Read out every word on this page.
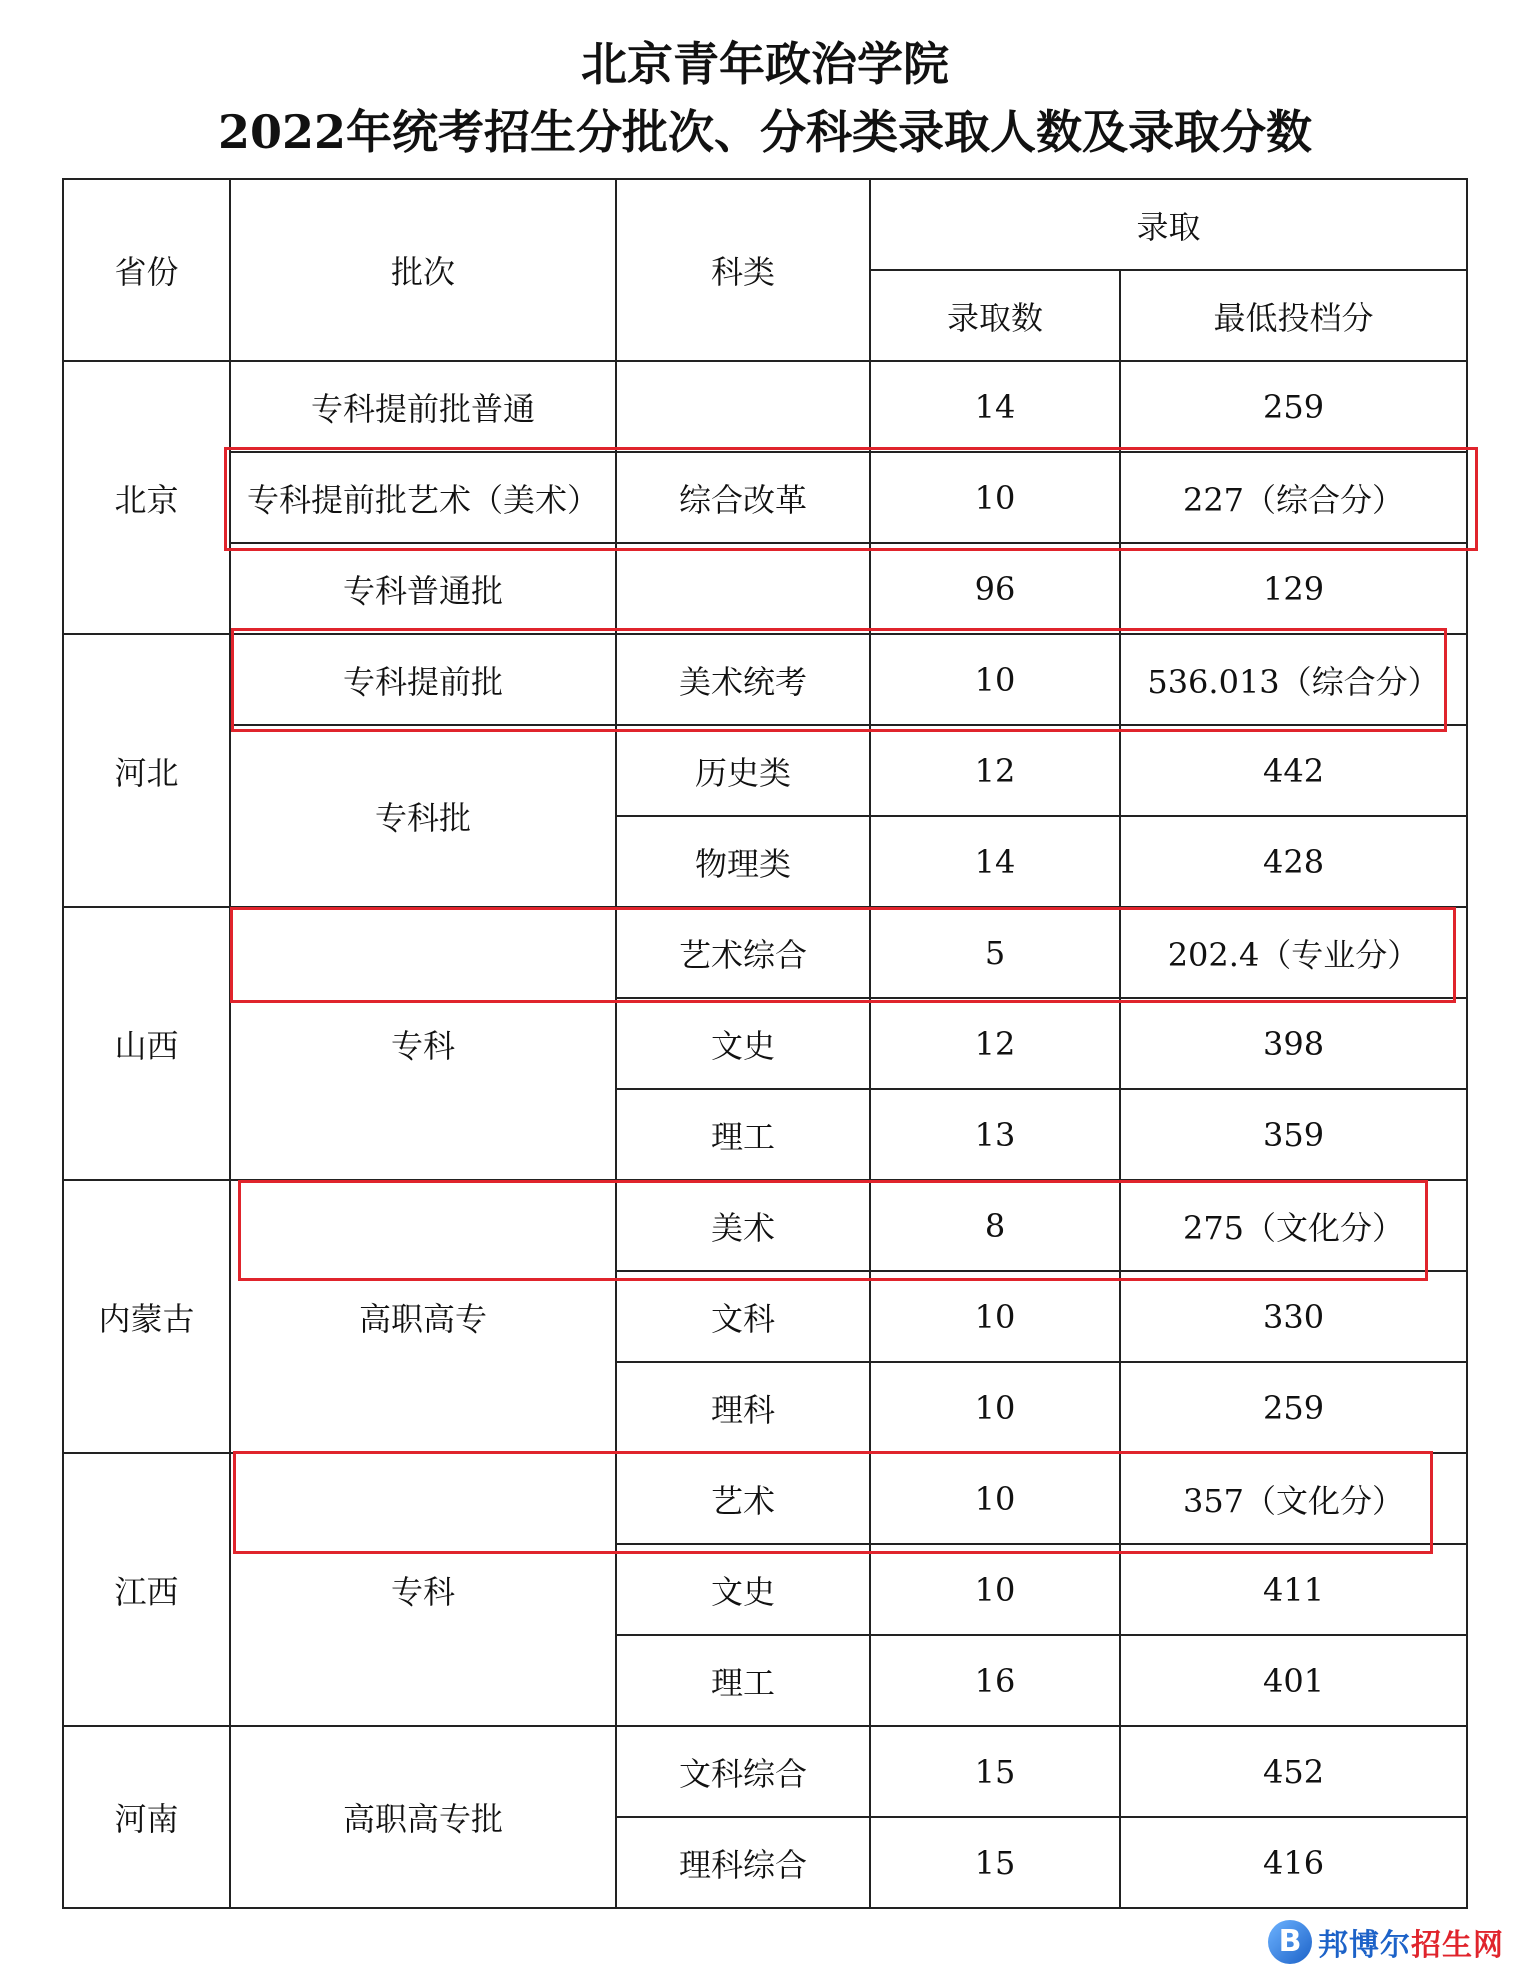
北京青年政治学院
2022年统考招生分批次、分科类录取人数及录取分数
省份	批次	科类	录取	
			录取数	最低投档分
北京	专科提前批普通		14	259
	专科提前批艺术（美术）	综合改革	10	227（综合分）
	专科普通批		96	129
河北	专科提前批	美术统考	10	536.013（综合分）
	专科批	历史类	12	442
		物理类	14	428
山西	专科	艺术综合	5	202.4（专业分）
		文史	12	398
		理工	13	359
内蒙古	高职高专	美术	8	275（文化分）
		文科	10	330
		理科	10	259
江西	专科	艺术	10	357（文化分）
		文史	10	411
		理工	16	401
河南	高职高专批	文科综合	15	452
		理科综合	15	416
B 邦博尔招生网
